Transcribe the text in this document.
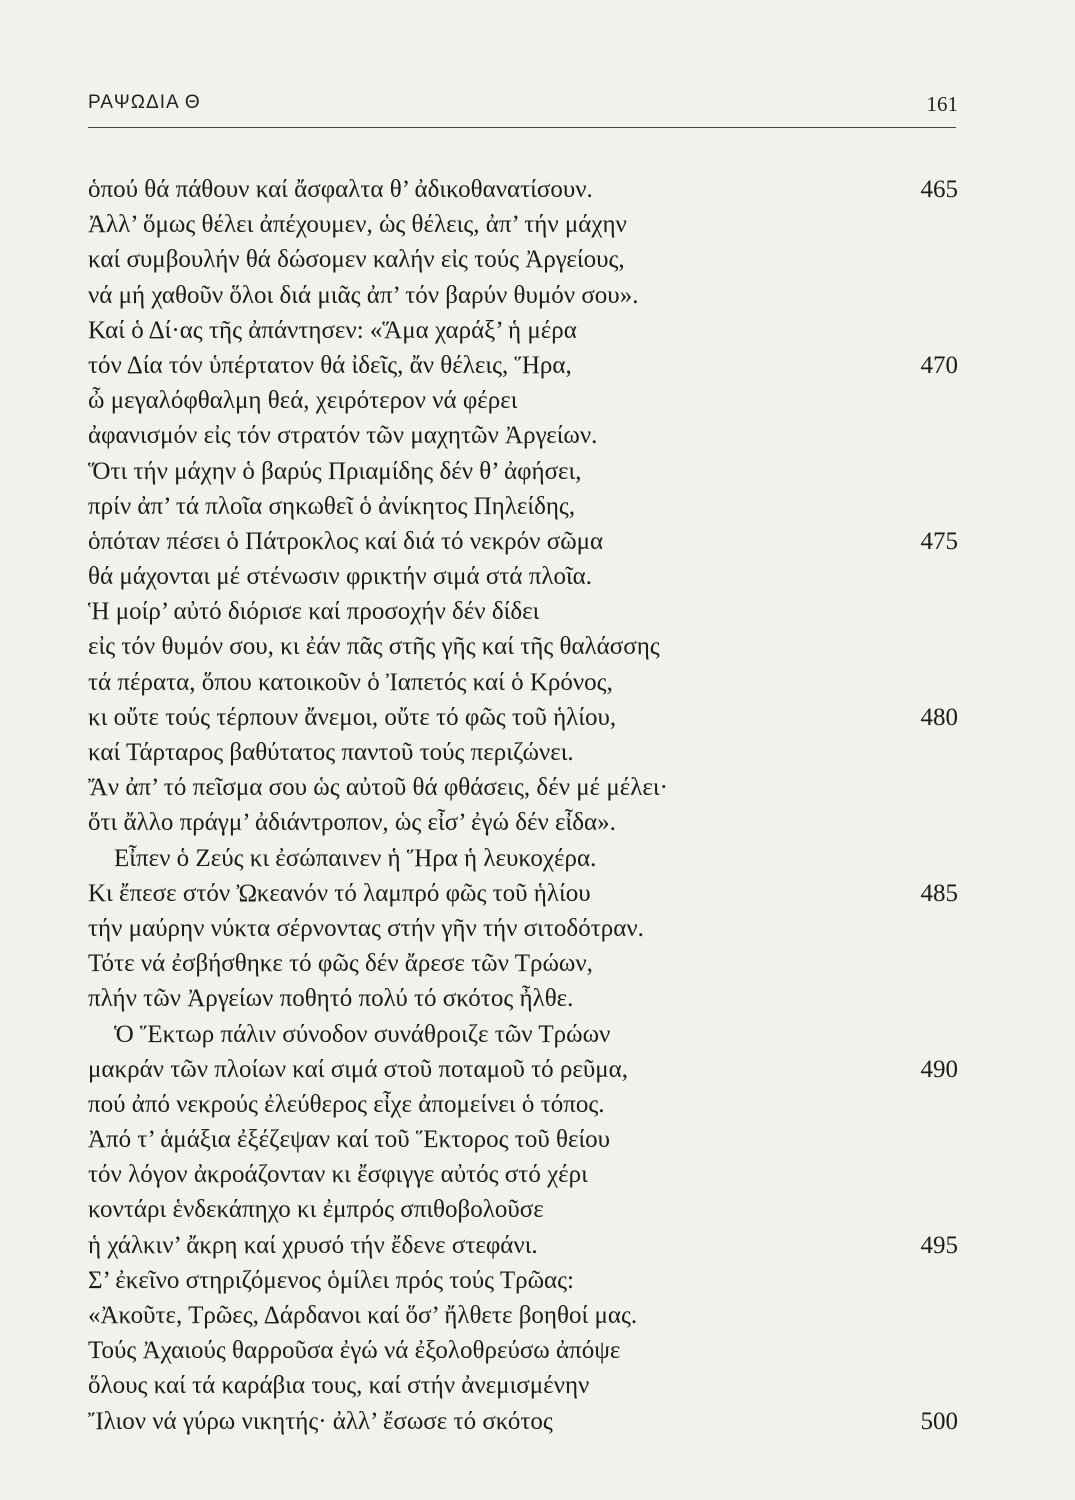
ΡΑΨΩΔΙΑ Θ	161
ὁπού θά πάθουν καί ἄσφαλτα θ’ ἀδικοθανατίσουν.	465
Ἀλλ’ ὅμως θέλει ἀπέχουμεν, ὡς θέλεις, ἀπ’ τήν μάχην
καί συμβουλήν θά δώσομεν καλήν εἰς τούς Ἀργείους,
νά μή χαθοῦν ὅλοι διά μιᾶς ἀπ’ τόν βαρύν θυμόν σου».
Καί ὁ Δί·ας τῆς ἀπάντησεν: «Ἅμα χαράξ’ ἡ μέρα
τόν Δία τόν ὑπέρτατον θά ἰδεῖς, ἄν θέλεις, Ἥρα,	470
ὦ μεγαλόφθαλμη θεά, χειρότερον νά φέρει
ἀφανισμόν εἰς τόν στρατόν τῶν μαχητῶν Ἀργείων.
Ὅτι τήν μάχην ὁ βαρύς Πριαμίδης δέν θ’ ἀφήσει,
πρίν ἀπ’ τά πλοῖα σηκωθεῖ ὁ ἀνίκητος Πηλείδης,
ὁπόταν πέσει ὁ Πάτροκλος καί διά τό νεκρόν σῶμα	475
θά μάχονται μέ στένωσιν φρικτήν σιμά στά πλοῖα.
Ἡ μοίρ’ αὐτό διόρισε καί προσοχήν δέν δίδει
εἰς τόν θυμόν σου, κι ἐάν πᾶς στῆς γῆς καί τῆς θαλάσσης
τά πέρατα, ὅπου κατοικοῦν ὁ Ἰαπετός καί ὁ Κρόνος,
κι οὔτε τούς τέρπουν ἄνεμοι, οὔτε τό φῶς τοῦ ἡλίου,	480
καί Τάρταρος βαθύτατος παντοῦ τούς περιζώνει.
Ἄν ἀπ’ τό πεῖσμα σου ὡς αὐτοῦ θά φθάσεις, δέν μέ μέλει·
ὅτι ἄλλο πράγμ’ ἀδιάντροπον, ὡς εἶσ’ ἐγώ δέν εἶδα».
Εἶπεν ὁ Ζεύς κι ἐσώπαινεν ἡ Ἥρα ἡ λευκοχέρα.
Κι ἔπεσε στόν Ὠκεανόν τό λαμπρό φῶς τοῦ ἡλίου	485
τήν μαύρην νύκτα σέρνοντας στήν γῆν τήν σιτοδότραν.
Τότε νά ἐσβήσθηκε τό φῶς δέν ἄρεσε τῶν Τρώων,
πλήν τῶν Ἀργείων ποθητό πολύ τό σκότος ἦλθε.
Ὁ Ἕκτωρ πάλιν σύνοδον συνάθροιζε τῶν Τρώων
μακράν τῶν πλοίων καί σιμά στοῦ ποταμοῦ τό ρεῦμα,	490
πού ἀπό νεκρούς ἐλεύθερος εἶχε ἀπομείνει ὁ τόπος.
Ἀπό τ’ ἁμάξια ἐξέζεψαν καί τοῦ Ἕκτορος τοῦ θείου
τόν λόγον ἀκροάζονταν κι ἔσφιγγε αὐτός στό χέρι
κοντάρι ἑνδεκάπηχο κι ἐμπρός σπιθοβολοῦσε
ἡ χάλκιν’ ἄκρη καί χρυσό τήν ἔδενε στεφάνι.	495
Σ’ ἐκεῖνο στηριζόμενος ὁμίλει πρός τούς Τρῶας:
«Ἀκοῦτε, Τρῶες, Δάρδανοι καί ὅσ’ ἤλθετε βοηθοί μας.
Τούς Ἀχαιούς θαρροῦσα ἐγώ νά ἐξολοθρεύσω ἀπόψε
ὅλους καί τά καράβια τους, καί στήν ἀνεμισμένην
Ἴλιον νά γύρω νικητής· ἀλλ’ ἔσωσε τό σκότος	500
